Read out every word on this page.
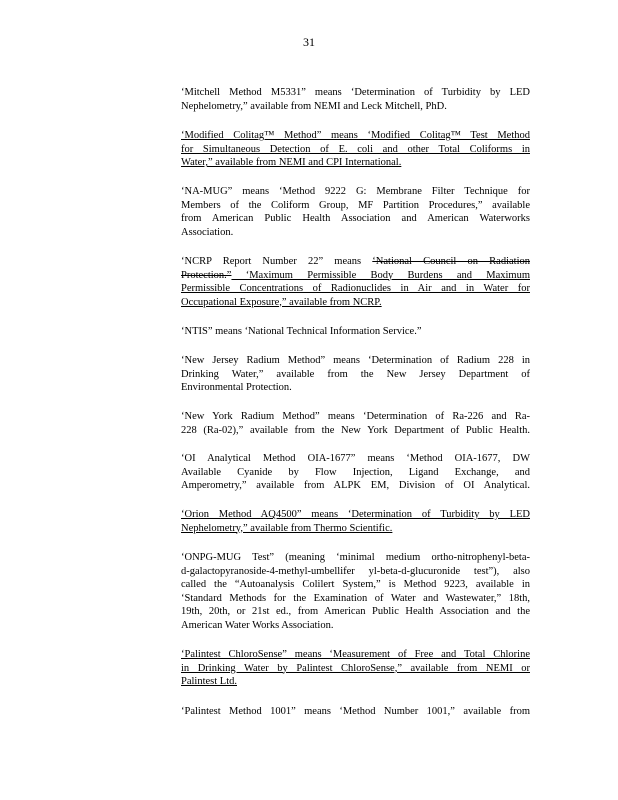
31
‘Mitchell Method M5331” means ‘Determination of Turbidity by LED
Nephelometry,” available from NEMI and Leck Mitchell, PhD.
‘Modified Colitag™ Method” means ‘Modified Colitag™ Test Method
for Simultaneous Detection of E. coli and other Total Coliforms in
Water,” available from NEMI and CPI International.
‘NA-MUG” means ‘Method 9222 G: Membrane Filter Technique for
Members of the Coliform Group, MF Partition Procedures,” available
from American Public Health Association and American Waterworks
Association.
‘NCRP Report Number 22” means ‘National Council on Radiation
Protection.” ‘Maximum Permissible Body Burdens and Maximum
Permissible Concentrations of Radionuclides in Air and in Water for
Occupational Exposure,” available from NCRP.
‘NTIS” means ‘National Technical Information Service.”
‘New Jersey Radium Method” means ‘Determination of Radium 228 in
Drinking Water,” available from the New Jersey Department of
Environmental Protection.
‘New York Radium Method” means ‘Determination of Ra-226 and Ra-
228 (Ra-02),” available from the New York Department of Public Health.
‘OI Analytical Method OIA-1677” means ‘Method OIA-1677, DW
Available Cyanide by Flow Injection, Ligand Exchange, and
Amperometry,” available from ALPK EM, Division of OI Analytical.
‘Orion Method AQ4500” means ‘Determination of Turbidity by LED
Nephelometry,” available from Thermo Scientific.
‘ONPG-MUG Test” (meaning ‘minimal medium ortho-nitrophenyl-beta-
d-galactopyranoside-4-methyl-umbellifer yl-beta-d-glucuronide test”), also
called the “Autoanalysis Colilert System,” is Method 9223, available in
‘Standard Methods for the Examination of Water and Wastewater,” 18th,
19th, 20th, or 21st ed., from American Public Health Association and the
American Water Works Association.
‘Palintest ChloroSense” means ‘Measurement of Free and Total Chlorine
in Drinking Water by Palintest ChloroSense,” available from NEMI or
Palintest Ltd.
‘Palintest Method 1001” means ‘Method Number 1001,” available from
